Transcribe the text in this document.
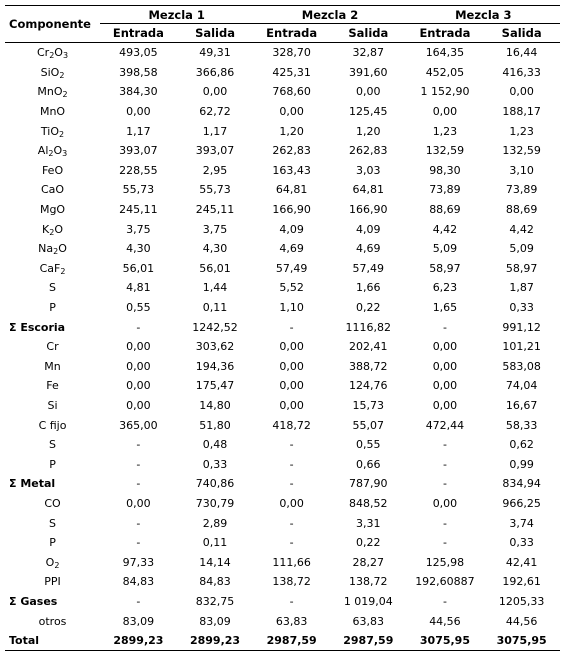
Componente	Mezcla 1		Mezcla 2		Mezcla 3	
	Entrada	Salida	Entrada	Salida	Entrada	Salida
$Cr_2O_3$	493,05	49,31	328,70	32,87	164,35	16,44
SiO$_2$	398,58	366,86	425,31	391,60	452,05	416,33
MnO$_2$	384,30	0,00	768,60	0,00	1 152,90	0,00
MnO	0,00	62,72	0,00	125,45	0,00	188,17
TiO$_2$	1,17	1,17	1,20	1,20	1,23	1,23
$Al_2O_3$	393,07	393,07	262,83	262,83	132,59	132,59
FeO	228,55	2,95	163,43	3,03	98,30	3,10
CaO	55,73	55,73	64,81	64,81	73,89	73,89
MgO	245,11	245,11	166,90	166,90	88,69	88,69
$K_2O$	3,75	3,75	4,09	4,09	4,42	4,42
$Na_2O$	4,30	4,30	4,69	4,69	5,09	5,09
CaF$_2$	56,01	56,01	57,49	57,49	58,97	58,97
S	4,81	1,44	5,52	1,66	6,23	1,87
P	0,55	0,11	1,10	0,22	1,65	0,33
Σ Escoria	-	1242,52	-	1116,82	-	991,12
Cr	0,00	303,62	0,00	202,41	0,00	101,21
Mn	0,00	194,36	0,00	388,72	0,00	583,08
Fe	0,00	175,47	0,00	124,76	0,00	74,04
Si	0,00	14,80	0,00	15,73	0,00	16,67
C fijo	365,00	51,80	418,72	55,07	472,44	58,33
S	-	0,48	-	0,55	-	0,62
P	-	0,33	-	0,66	-	0,99
Σ Metal	-	740,86	-	787,90	-	834,94
CO	0,00	730,79	0,00	848,52	0,00	966,25
S	-	2,89	-	3,31	-	3,74
P	-	0,11	-	0,22	-	0,33
$O_2$	97,33	14,14	111,66	28,27	125,98	42,41
PPI	84,83	84,83	138,72	138,72	192,60887	192,61
Σ Gases	-	832,75	-	1 019,04	-	1205,33
otros	83,09	83,09	63,83	63,83	44,56	44,56
Total	2899,23	2899,23	2987,59	2987,59	3075,95	3075,95
